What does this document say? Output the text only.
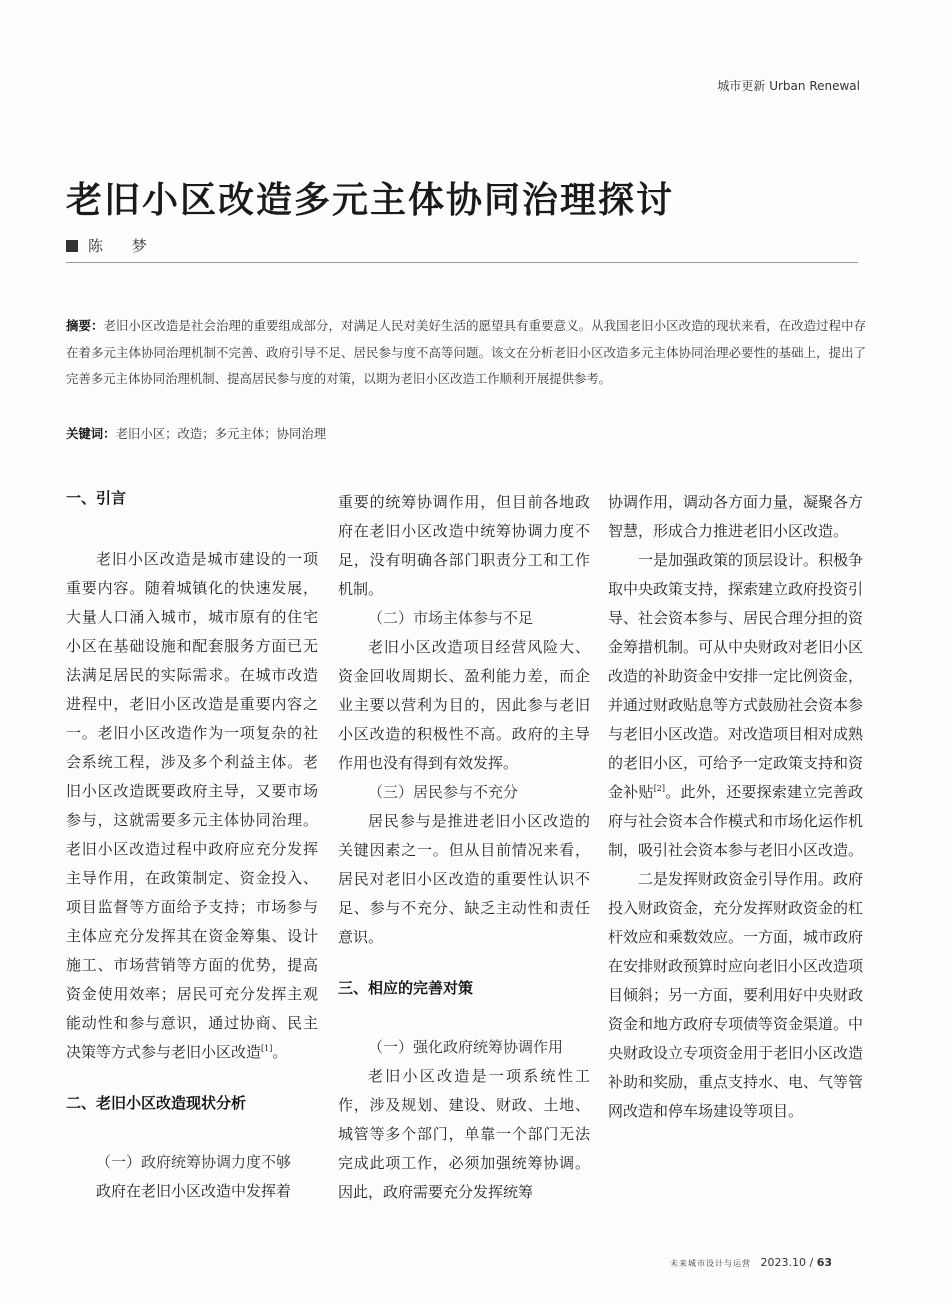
城市更新 Urban Renewal
老旧小区改造多元主体协同治理探讨
陈 梦
摘要：老旧小区改造是社会治理的重要组成部分，对满足人民对美好生活的愿望具有重要意义。从我国老旧小区改造的现状来看，在改造过程中存在着多元主体协同治理机制不完善、政府引导不足、居民参与度不高等问题。该文在分析老旧小区改造多元主体协同治理必要性的基础上，提出了完善多元主体协同治理机制、提高居民参与度的对策，以期为老旧小区改造工作顺利开展提供参考。
关键词：老旧小区；改造；多元主体；协同治理

一、引言

老旧小区改造是城市建设的一项重要内容。随着城镇化的快速发展，大量人口涌入城市，城市原有的住宅小区在基础设施和配套服务方面已无法满足居民的实际需求。在城市改造进程中，老旧小区改造是重要内容之一。老旧小区改造作为一项复杂的社会系统工程，涉及多个利益主体。老旧小区改造既要政府主导，又要市场参与，这就需要多元主体协同治理。老旧小区改造过程中政府应充分发挥主导作用，在政策制定、资金投入、项目监督等方面给予支持；市场参与主体应充分发挥其在资金筹集、设计施工、市场营销等方面的优势，提高资金使用效率；居民可充分发挥主观能动性和参与意识，通过协商、民主决策等方式参与老旧小区改造[1]。

二、老旧小区改造现状分析

（一）政府统筹协调力度不够

政府在老旧小区改造中发挥着

重要的统筹协调作用，但目前各地政府在老旧小区改造中统筹协调力度不足，没有明确各部门职责分工和工作机制。

（二）市场主体参与不足

老旧小区改造项目经营风险大、资金回收周期长、盈利能力差，而企业主要以营利为目的，因此参与老旧小区改造的积极性不高。政府的主导作用也没有得到有效发挥。

（三）居民参与不充分

居民参与是推进老旧小区改造的关键因素之一。但从目前情况来看，居民对老旧小区改造的重要性认识不足、参与不充分、缺乏主动性和责任意识。

三、相应的完善对策

（一）强化政府统筹协调作用

老旧小区改造是一项系统性工作，涉及规划、建设、财政、土地、城管等多个部门，单靠一个部门无法完成此项工作，必须加强统筹协调。因此，政府需要充分发挥统筹

协调作用，调动各方面力量，凝聚各方智慧，形成合力推进老旧小区改造。

一是加强政策的顶层设计。积极争取中央政策支持，探索建立政府投资引导、社会资本参与、居民合理分担的资金筹措机制。可从中央财政对老旧小区改造的补助资金中安排一定比例资金，并通过财政贴息等方式鼓励社会资本参与老旧小区改造。对改造项目相对成熟的老旧小区，可给予一定政策支持和资金补贴[2]。此外，还要探索建立完善政府与社会资本合作模式和市场化运作机制，吸引社会资本参与老旧小区改造。

二是发挥财政资金引导作用。政府投入财政资金，充分发挥财政资金的杠杆效应和乘数效应。一方面，城市政府在安排财政预算时应向老旧小区改造项目倾斜；另一方面，要利用好中央财政资金和地方政府专项债等资金渠道。中央财政设立专项资金用于老旧小区改造补助和奖励，重点支持水、电、气等管网改造和停车场建设等项目。

未来城市设计与运营 2023.10 / 63
